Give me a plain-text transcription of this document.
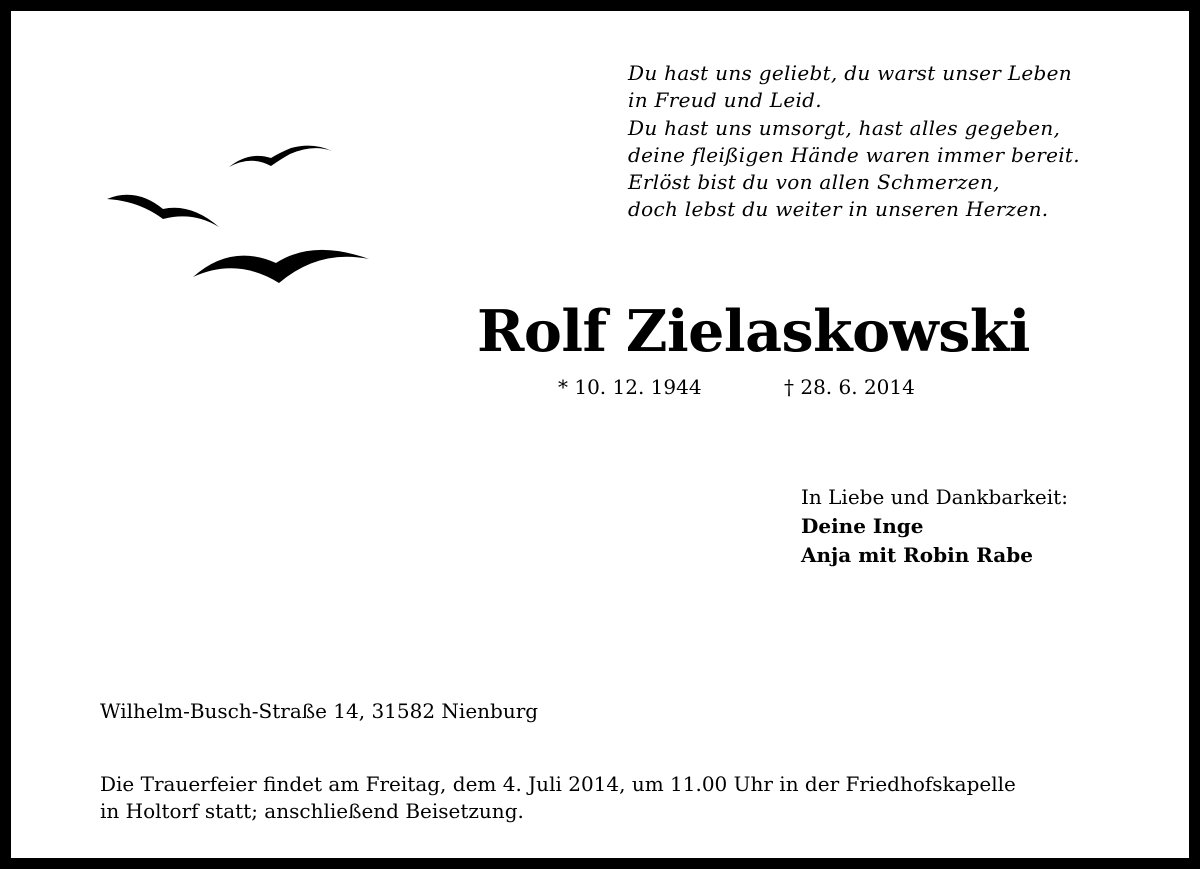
Du hast uns geliebt, du warst unser Leben
in Freud und Leid.
Du hast uns umsorgt, hast alles gegeben,
deine fleißigen Hände waren immer bereit.
Erlöst bist du von allen Schmerzen,
doch lebst du weiter in unseren Herzen.
Rolf Zielaskowski
* 10. 12. 1944	† 28. 6. 2014
In Liebe und Dankbarkeit:
Deine Inge
Anja mit Robin Rabe
Wilhelm-Busch-Straße 14, 31582 Nienburg
Die Trauerfeier findet am Freitag, dem 4. Juli 2014, um 11.00 Uhr in der Friedhofskapelle
in Holtorf statt; anschließend Beisetzung.
